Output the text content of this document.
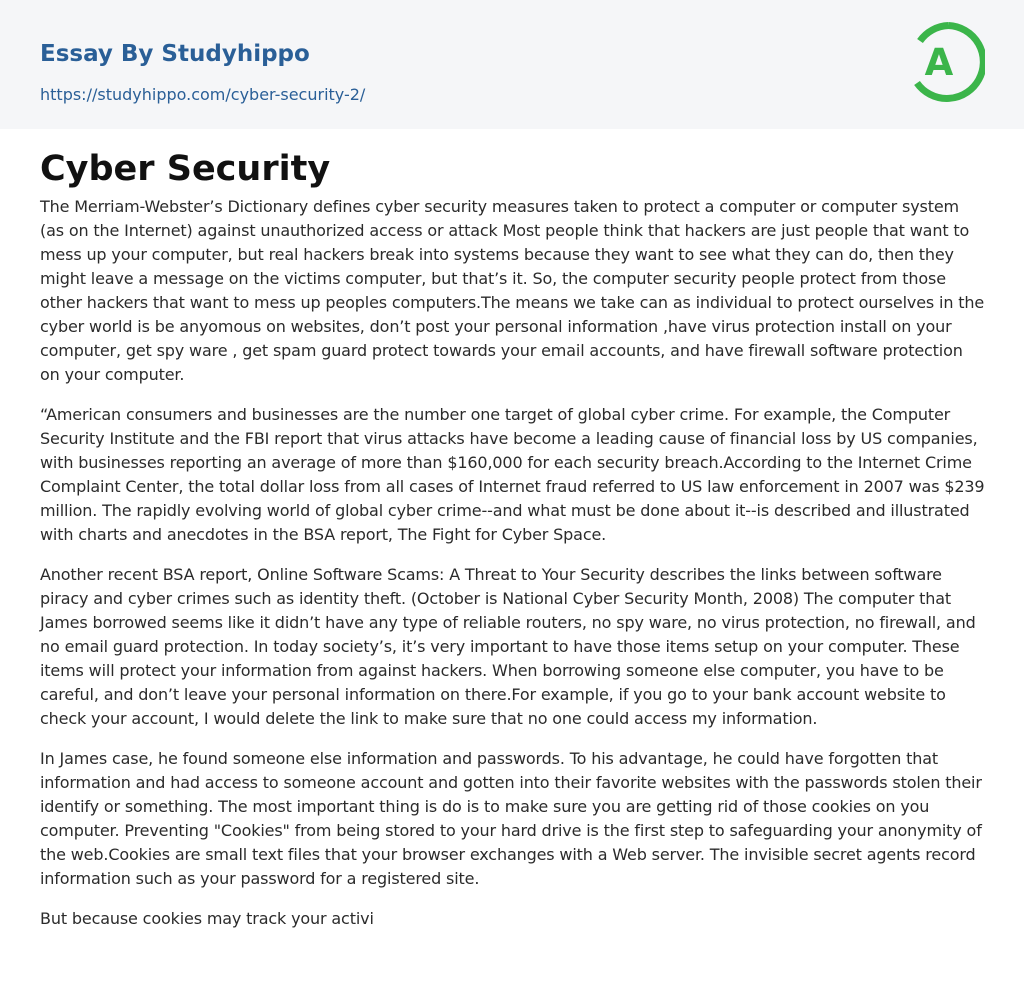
Essay By Studyhippo
https://studyhippo.com/cyber-security-2/
A
Cyber Security

The Merriam-Webster’s Dictionary defines cyber security measures taken to protect a computer or computer system (as on the Internet) against unauthorized access or attack Most people think that hackers are just people that want to mess up your computer, but real hackers break into systems because they want to see what they can do, then they might leave a message on the victims computer, but that’s it. So, the computer security people protect from those other hackers that want to mess up peoples computers.The means we take can as individual to protect ourselves in the cyber world is be anyomous on websites, don’t post your personal information ,have virus protection install on your computer, get spy ware , get spam guard protect towards your email accounts, and have firewall software protection on your computer.

“American consumers and businesses are the number one target of global cyber crime. For example, the Computer Security Institute and the FBI report that virus attacks have become a leading cause of financial loss by US companies, with businesses reporting an average of more than $160,000 for each security breach.According to the Internet Crime Complaint Center, the total dollar loss from all cases of Internet fraud referred to US law enforcement in 2007 was $239 million. The rapidly evolving world of global cyber crime--and what must be done about it--is described and illustrated with charts and anecdotes in the BSA report, The Fight for Cyber Space.

Another recent BSA report, Online Software Scams: A Threat to Your Security describes the links between software piracy and cyber crimes such as identity theft. (October is National Cyber Security Month, 2008) The computer that James borrowed seems like it didn’t have any type of reliable routers, no spy ware, no virus protection, no firewall, and no email guard protection. In today society’s, it’s very important to have those items setup on your computer. These items will protect your information from against hackers. When borrowing someone else computer, you have to be careful, and don’t leave your personal information on there.For example, if you go to your bank account website to check your account, I would delete the link to make sure that no one could access my information.

In James case, he found someone else information and passwords. To his advantage, he could have forgotten that information and had access to someone account and gotten into their favorite websites with the passwords stolen their identify or something. The most important thing is do is to make sure you are getting rid of those cookies on you computer. Preventing "Cookies" from being stored to your hard drive is the first step to safeguarding your anonymity of the web.Cookies are small text files that your browser exchanges with a Web server. The invisible secret agents record information such as your password for a registered site.

But because cookies may track your activi
